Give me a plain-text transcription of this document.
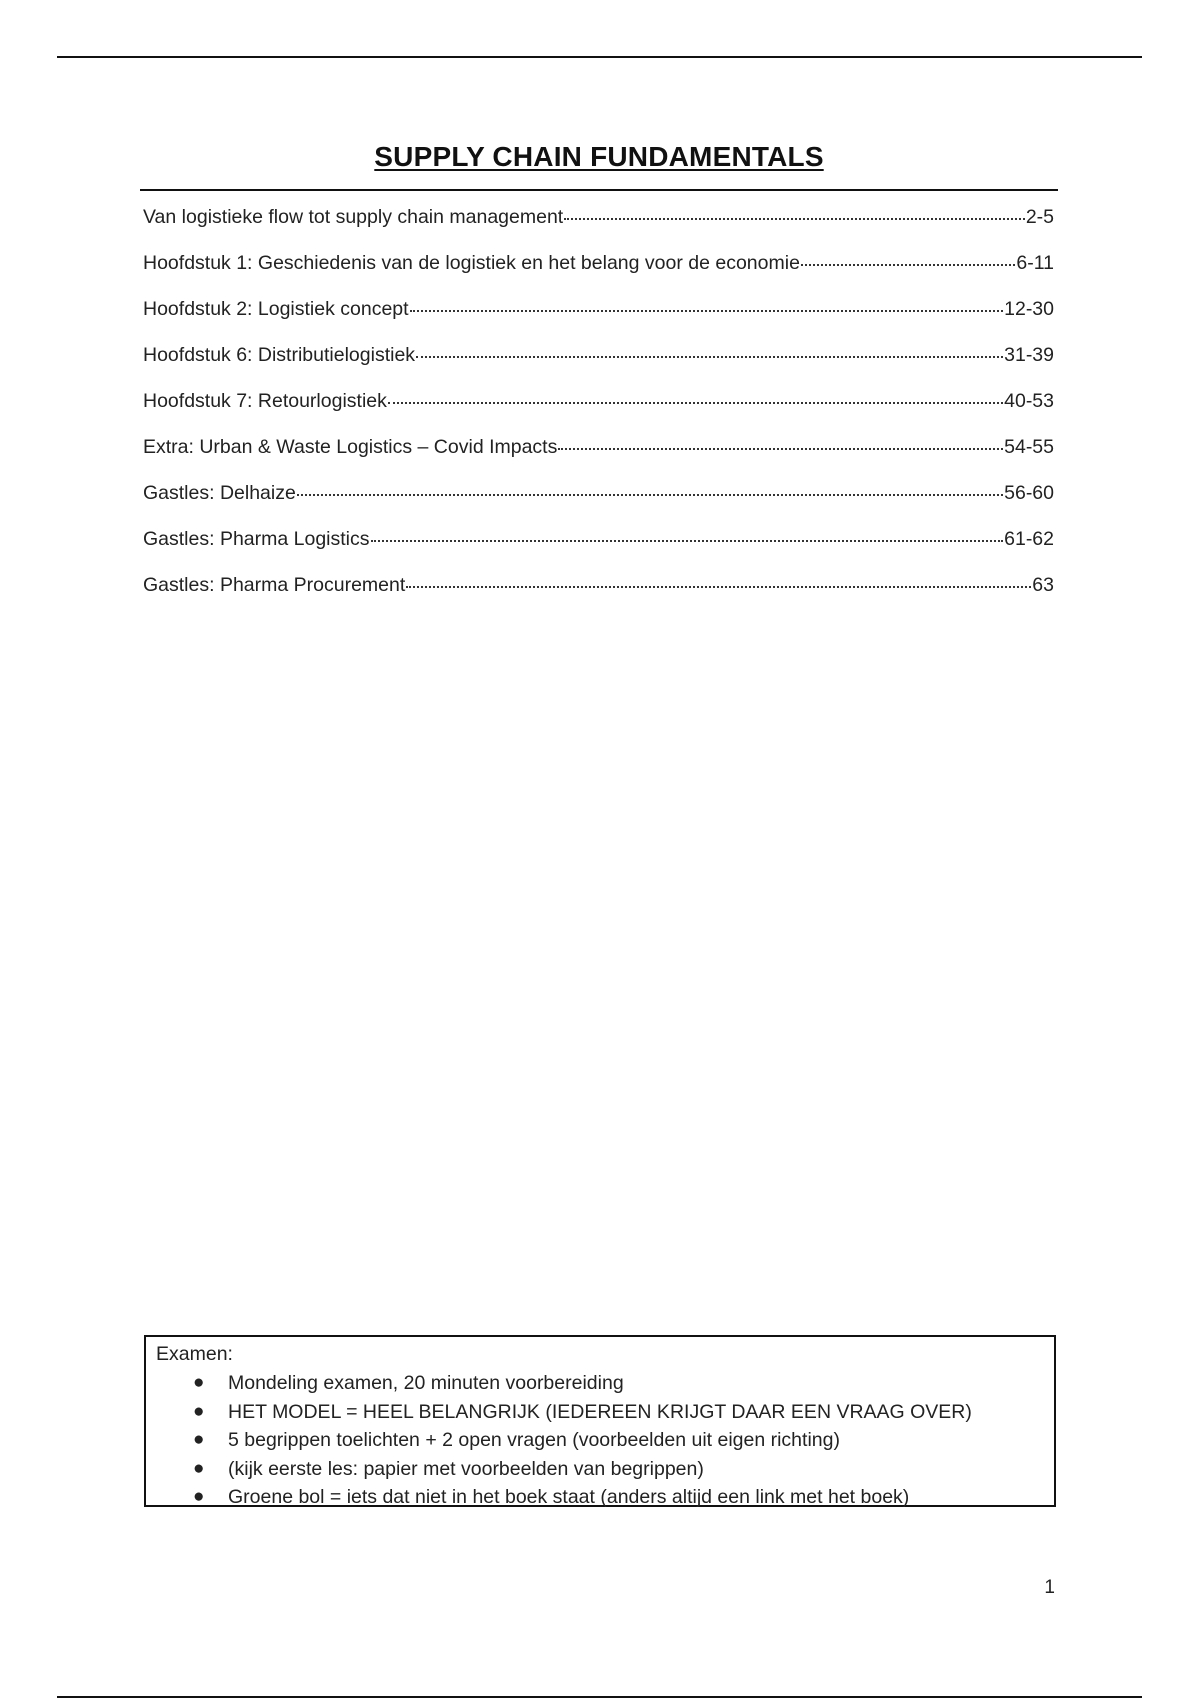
SUPPLY CHAIN FUNDAMENTALS
Van logistieke flow tot supply chain management	2-5
Hoofdstuk 1: Geschiedenis van de logistiek en het belang voor de economie	6-11
Hoofdstuk 2: Logistiek concept	12-30
Hoofdstuk 6: Distributielogistiek	31-39
Hoofdstuk 7: Retourlogistiek	40-53
Extra: Urban & Waste Logistics – Covid Impacts	54-55
Gastles: Delhaize	56-60
Gastles: Pharma Logistics	61-62
Gastles: Pharma Procurement	63
Examen:
● Mondeling examen, 20 minuten voorbereiding
● HET MODEL = HEEL BELANGRIJK (IEDEREEN KRIJGT DAAR EEN VRAAG OVER)
● 5 begrippen toelichten + 2 open vragen (voorbeelden uit eigen richting)
● (kijk eerste les: papier met voorbeelden van begrippen)
● Groene bol = iets dat niet in het boek staat (anders altijd een link met het boek)
1
